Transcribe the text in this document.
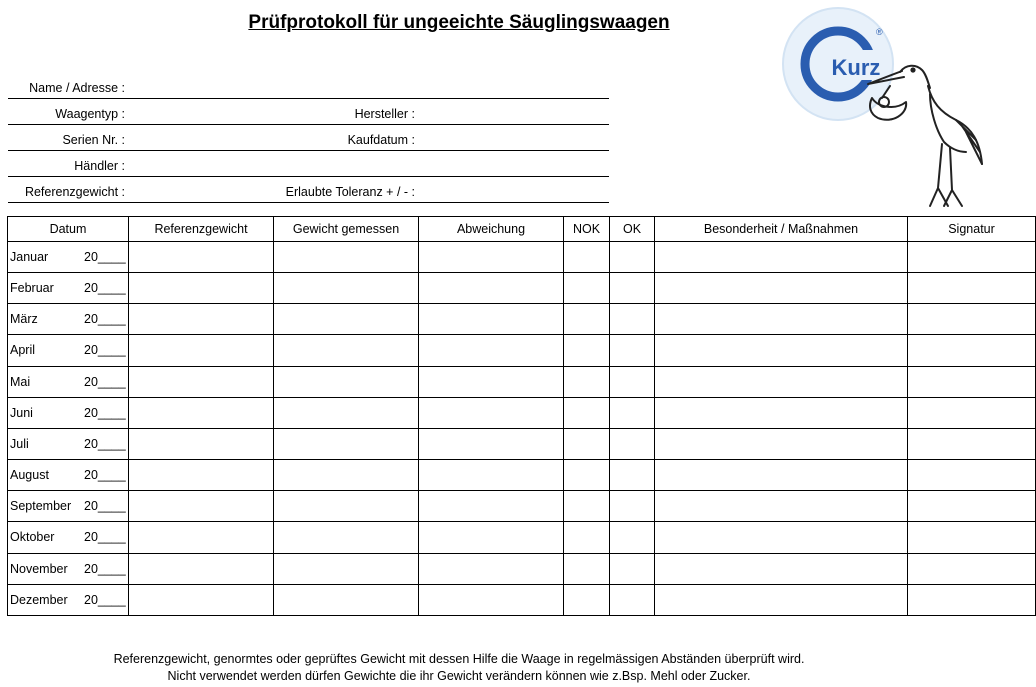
Prüfprotokoll für ungeeichte Säuglingswaagen
Name / Adresse :
Waagentyp :	Hersteller :
Serien Nr. :	Kaufdatum :
Händler :
Referenzgewicht :	Erlaubte Toleranz + / - :
Kurz
®
Datum	Referenzgewicht	Gewicht gemessen	Abweichung	NOK	OK	Besonderheit / Maßnahmen	Signatur

Januar 20____							

Februar 20____							

März 20____							

April 20____							

Mai 20____							

Juni 20____							

Juli 20____							

August 20____							

September 20____							

Oktober 20____							

November 20____							

Dezember 20____							

Referenzgewicht, genormtes oder geprüftes Gewicht mit dessen Hilfe die Waage in regelmässigen Abständen überprüft wird.
Nicht verwendet werden dürfen Gewichte die ihr Gewicht verändern können wie z.Bsp. Mehl oder Zucker.
